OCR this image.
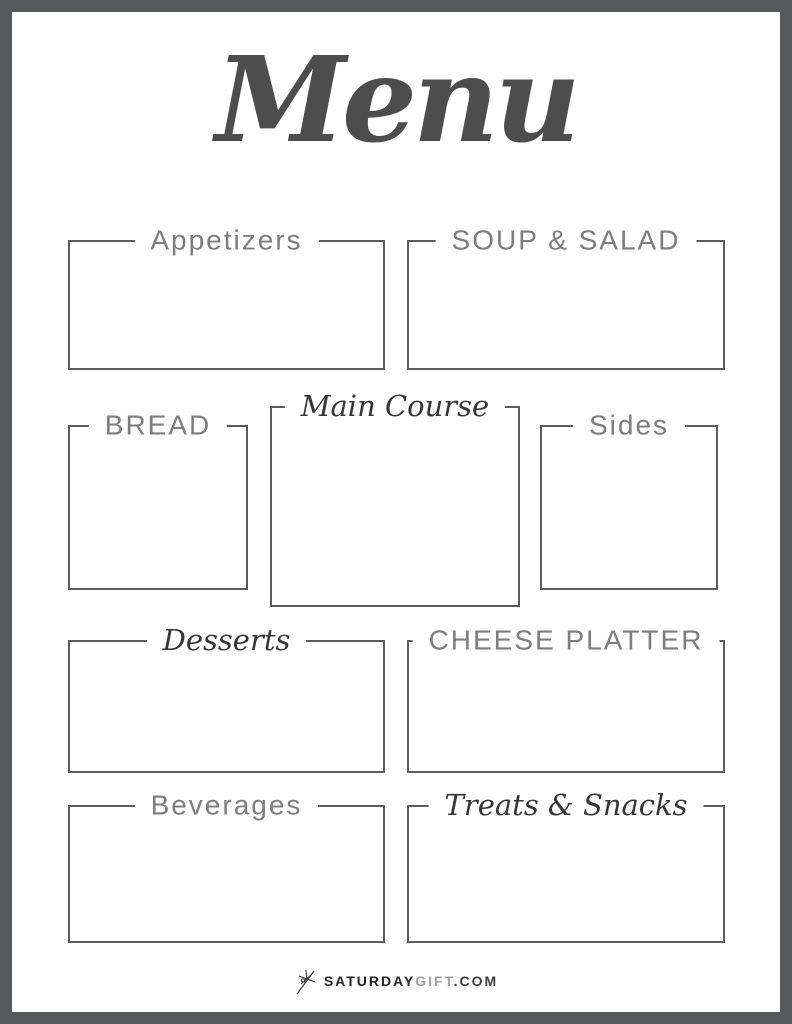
Menu
Appetizers	SOUP & SALAD
BREAD
Main Course
Sides
Desserts	CHEESE PLATTER
Beverages	Treats & Snacks
SATURDAYGIFT.COM
